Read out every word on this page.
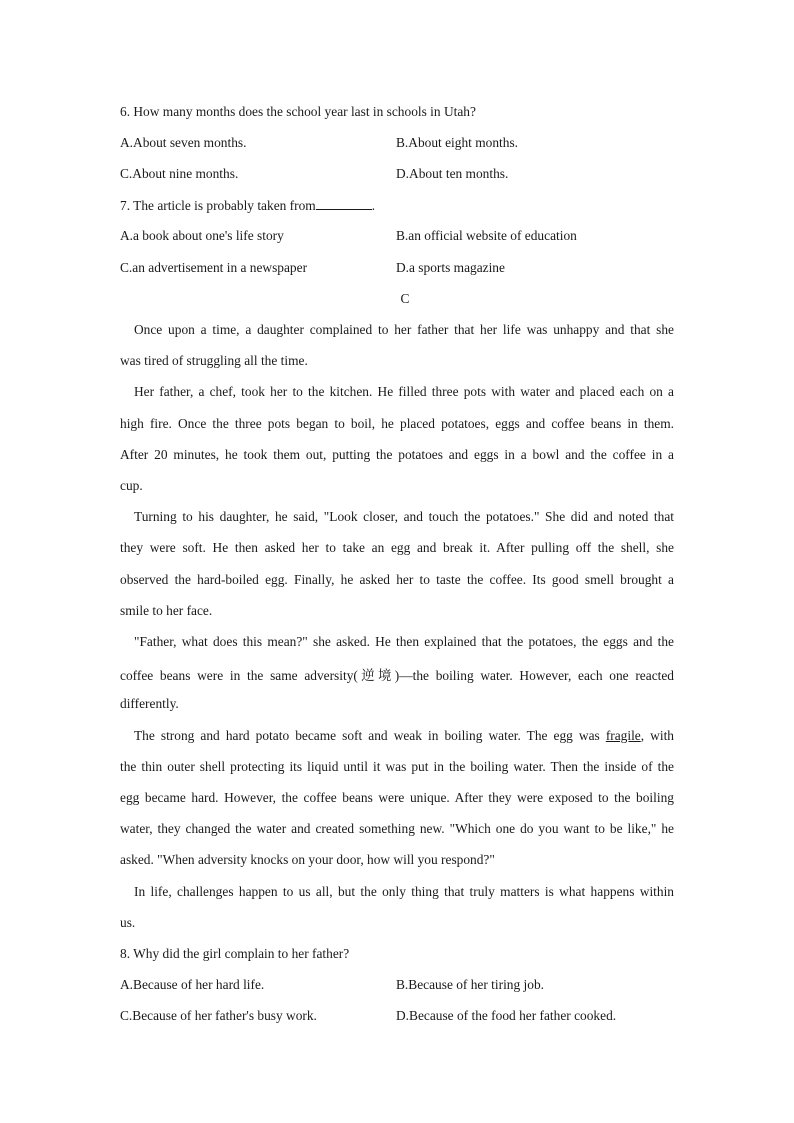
6. How many months does the school year last in schools in Utah?
A.About seven months.	B.About eight months.
C.About nine months.	D.About ten months.
7. The article is probably taken from	.
A.a book about one's life story	B.an official website of education
C.an advertisement in a newspaper	D.a sports magazine
C
Once upon a time, a daughter complained to her father that her life was unhappy and that she
was tired of struggling all the time.
Her father, a chef, took her to the kitchen. He filled three pots with water and placed each on a
high fire. Once the three pots began to boil, he placed potatoes, eggs and coffee beans in them.
After 20 minutes, he took them out, putting the potatoes and eggs in a bowl and the coffee in a
cup.
Turning to his daughter, he said, "Look closer, and touch the potatoes." She did and noted that
they were soft. He then asked her to take an egg and break it. After pulling off the shell, she
observed the hard-boiled egg. Finally, he asked her to taste the coffee. Its good smell brought a
smile to her face.
"Father, what does this mean?" she asked. He then explained that the potatoes, the eggs and the
coffee beans were in the same adversity(逆境)—the boiling water. However, each one reacted
differently.
The strong and hard potato became soft and weak in boiling water. The egg was fragile, with
the thin outer shell protecting its liquid until it was put in the boiling water. Then the inside of the
egg became hard. However, the coffee beans were unique. After they were exposed to the boiling
water, they changed the water and created something new. "Which one do you want to be like," he
asked. "When adversity knocks on your door, how will you respond?"
In life, challenges happen to us all, but the only thing that truly matters is what happens within
us.
8. Why did the girl complain to her father?
A.Because of her hard life.	B.Because of her tiring job.
C.Because of her father's busy work.	D.Because of the food her father cooked.
